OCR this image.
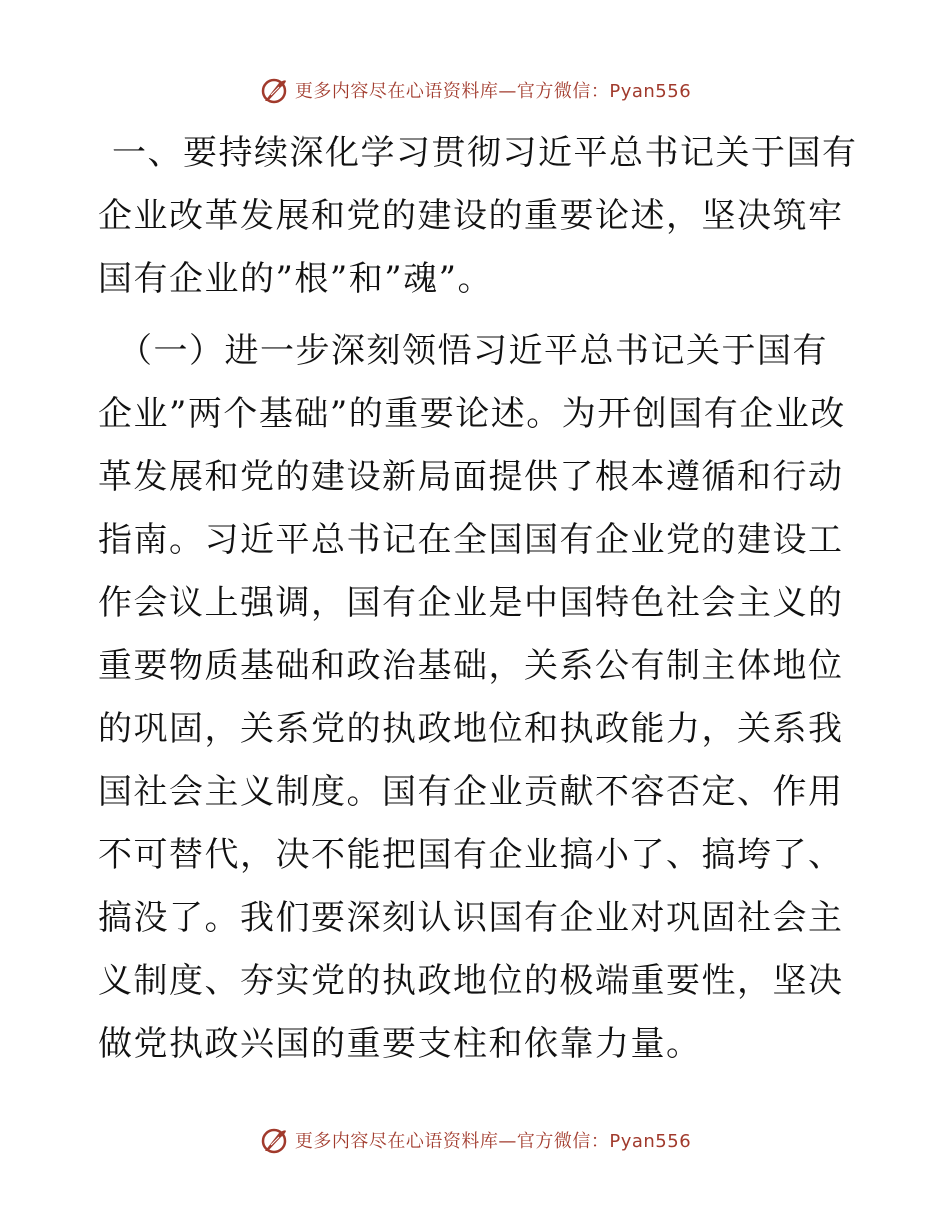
更多内容尽在心语资料库—官方微信：Pyan556

一、要持续深化学习贯彻习近平总书记关于国有企业改革发展和党的建设的重要论述，坚决筑牢国有企业的”根”和”魂”。

（一）进一步深刻领悟习近平总书记关于国有企业”两个基础”的重要论述。为开创国有企业改革发展和党的建设新局面提供了根本遵循和行动指南。习近平总书记在全国国有企业党的建设工作会议上强调，国有企业是中国特色社会主义的重要物质基础和政治基础，关系公有制主体地位的巩固，关系党的执政地位和执政能力，关系我国社会主义制度。国有企业贡献不容否定、作用不可替代，决不能把国有企业搞小了、搞垮了、搞没了。我们要深刻认识国有企业对巩固社会主义制度、夯实党的执政地位的极端重要性，坚决做党执政兴国的重要支柱和依靠力量。

更多内容尽在心语资料库—官方微信：Pyan556
